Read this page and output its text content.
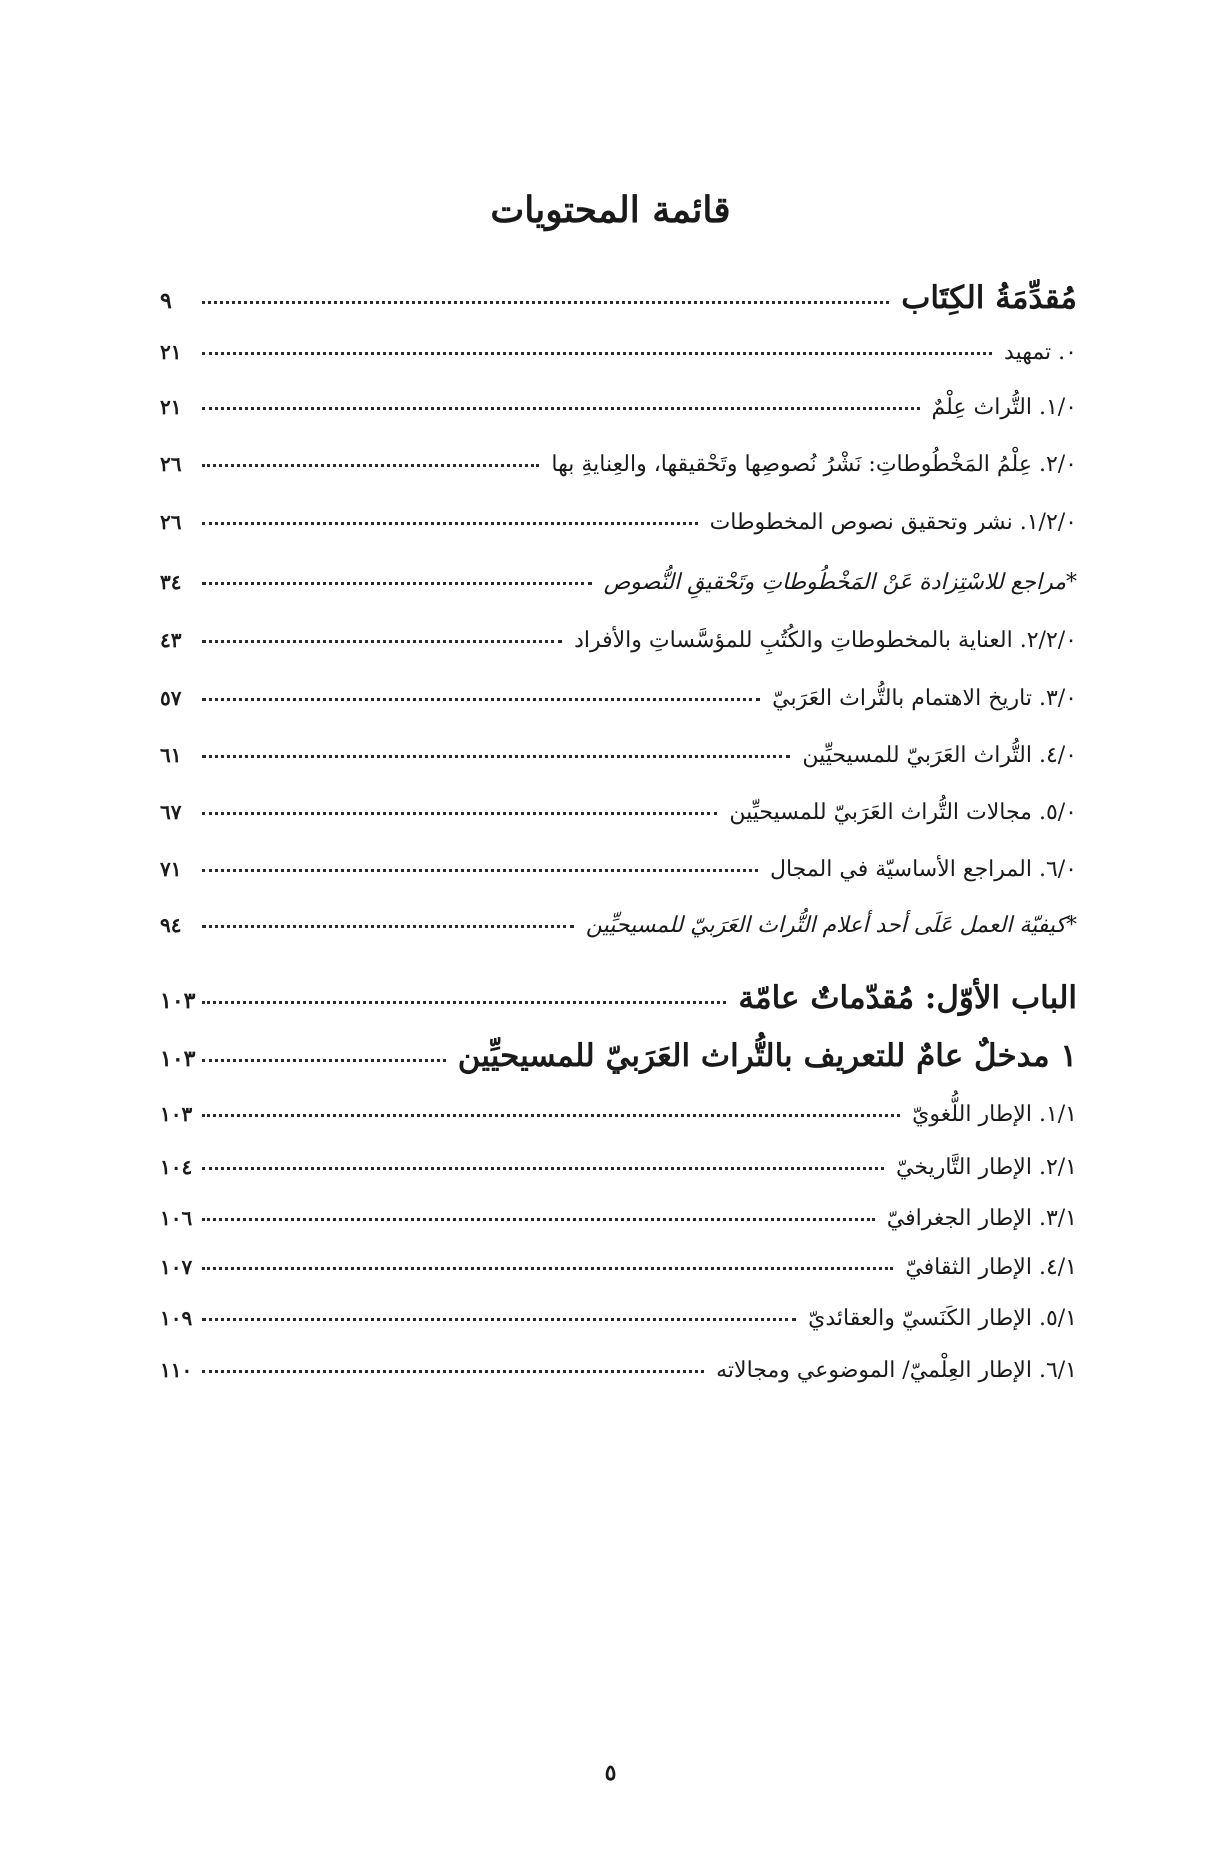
قائمة المحتويات
مُقدِّمَةُ الكِتَاب
٩
٠. تمهيد
٢١
١/٠. التُّراث عِلْمٌ
٢١
٢/٠. عِلْمُ المَخْطُوطاتِ: نَشْرُ نُصوصِها وتَحْقيقها، والعِنايةِ بها
٢٦
١/٢/٠. نشر وتحقيق نصوص المخطوطات
٢٦
*مراجع للاسْتِزادة عَنْ المَخْطُوطاتِ وتَحْقيقِ النُّصوص
٣٤
٢/٢/٠. العناية بالمخطوطاتِ والكُتُبِ للمؤسَّساتِ والأفراد
٤٣
٣/٠. تاريخ الاهتمام بالتُّراث العَرَبيّ
٥٧
٤/٠. التُّراث العَرَبيّ للمسيحيِّين
٦١
٥/٠. مجالات التُّراث العَرَبيّ للمسيحيِّين
٦٧
٦/٠. المراجع الأساسيّة في المجال
٧١
*كيفيّة العمل عَلَى أحد أعلام التُّراث العَرَبيّ للمسيحيِّين
٩٤
الباب الأوّل: مُقدّماتٌ عامّة
١٠٣
١ مدخلٌ عامٌ للتعريف بالتُّراث العَرَبيّ للمسيحيِّين
١٠٣
١/١. الإطار اللُّغويّ
١٠٣
٢/١. الإطار التَّاريخيّ
١٠٤
٣/١. الإطار الجغرافيّ
١٠٦
٤/١. الإطار الثقافيّ
١٠٧
٥/١. الإطار الكَنَسيّ والعقائديّ
١٠٩
٦/١. الإطار العِلْميّ/ الموضوعي ومجالاته
١١٠
٥
